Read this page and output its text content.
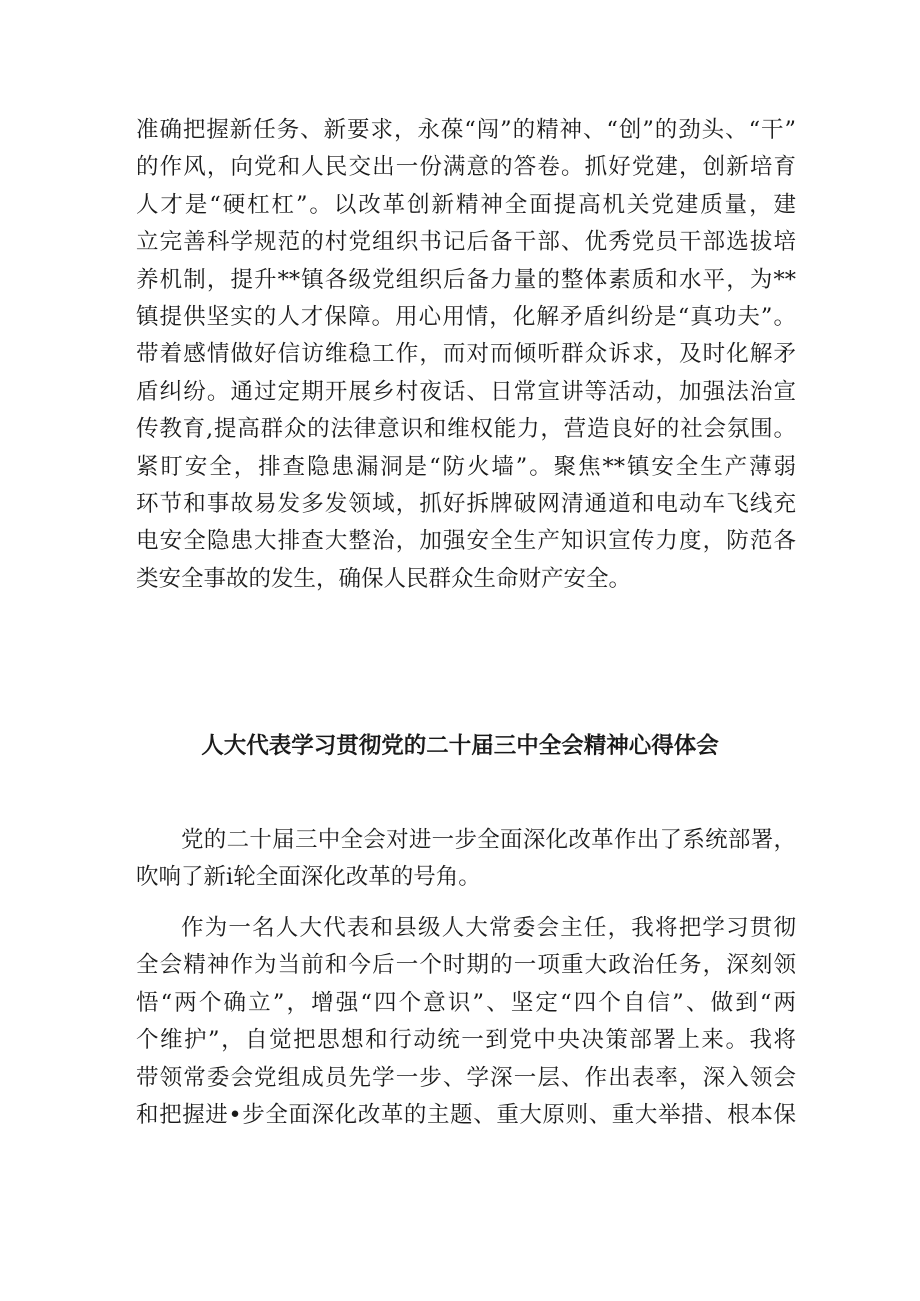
准确把握新任务、新要求，永葆“闯”的精神、“创”的劲头、“干”
的作风，向党和人民交出一份满意的答卷。抓好党建，创新培育
人才是“硬杠杠”。以改革创新精神全面提高机关党建质量，建
立完善科学规范的村党组织书记后备干部、优秀党员干部选拔培
养机制，提升**镇各级党组织后备力量的整体素质和水平，为**
镇提供坚实的人才保障。用心用情，化解矛盾纠纷是“真功夫”。
带着感情做好信访维稳工作，而对而倾听群众诉求，及时化解矛
盾纠纷。通过定期开展乡村夜话、日常宣讲等活动，加强法治宣
传教育,提高群众的法律意识和维权能力，营造良好的社会氛围。
紧盯安全，排查隐患漏洞是“防火墙”。聚焦**镇安全生产薄弱
环节和事故易发多发领域，抓好拆牌破网清通道和电动车飞线充
电安全隐患大排查大整治，加强安全生产知识宣传力度，防范各
类安全事故的发生，确保人民群众生命财产安全。
人大代表学习贯彻党的二十届三中全会精神心得体会
党的二十届三中全会对进一步全面深化改革作出了系统部署，
吹响了新i轮全面深化改革的号角。
作为一名人大代表和县级人大常委会主任，我将把学习贯彻
全会精神作为当前和今后一个时期的一项重大政治任务，深刻领
悟“两个确立”，增强“四个意识”、坚定“四个自信”、做到“两
个维护”，自觉把思想和行动统一到党中央决策部署上来。我将
带领常委会党组成员先学一步、学深一层、作出表率，深入领会
和把握进•步全面深化改革的主题、重大原则、重大举措、根本保
